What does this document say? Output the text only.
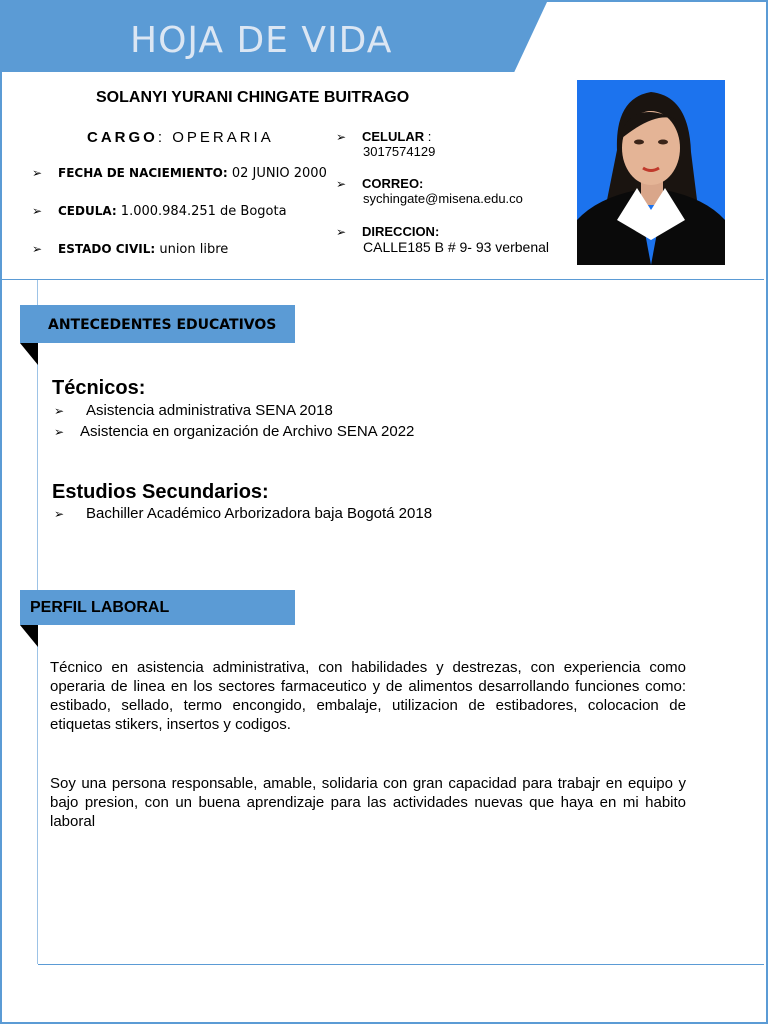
HOJA DE VIDA
SOLANYI YURANI CHINGATE BUITRAGO
CARGO: OPERARIA
➢ FECHA DE NACIEMIENTO: 02 JUNIO 2000
➢ CEDULA: 1.000.984.251 de Bogota
➢ ESTADO CIVIL: union libre
➢ CELULAR :
3017574129
➢ CORREO:
sychingate@misena.edu.co
➢ DIRECCION:
CALLE185 B # 9- 93 verbenal
ANTECEDENTES EDUCATIVOS
Técnicos:
➢ Asistencia administrativa SENA 2018
➢ Asistencia en organización de Archivo SENA 2022
Estudios Secundarios:
➢ Bachiller Académico Arborizadora baja Bogotá 2018
PERFIL LABORAL
Técnico en asistencia administrativa, con habilidades y destrezas, con experiencia como
operaria de linea en los sectores farmaceutico y de alimentos desarrollando funciones como:
estibado, sellado, termo encongido, embalaje, utilizacion de estibadores, colocacion de
etiquetas stikers, insertos y codigos.
Soy una persona responsable, amable, solidaria con gran capacidad para trabajr en equipo y
bajo presion, con un buena aprendizaje para las actividades nuevas que haya en mi habito
laboral
